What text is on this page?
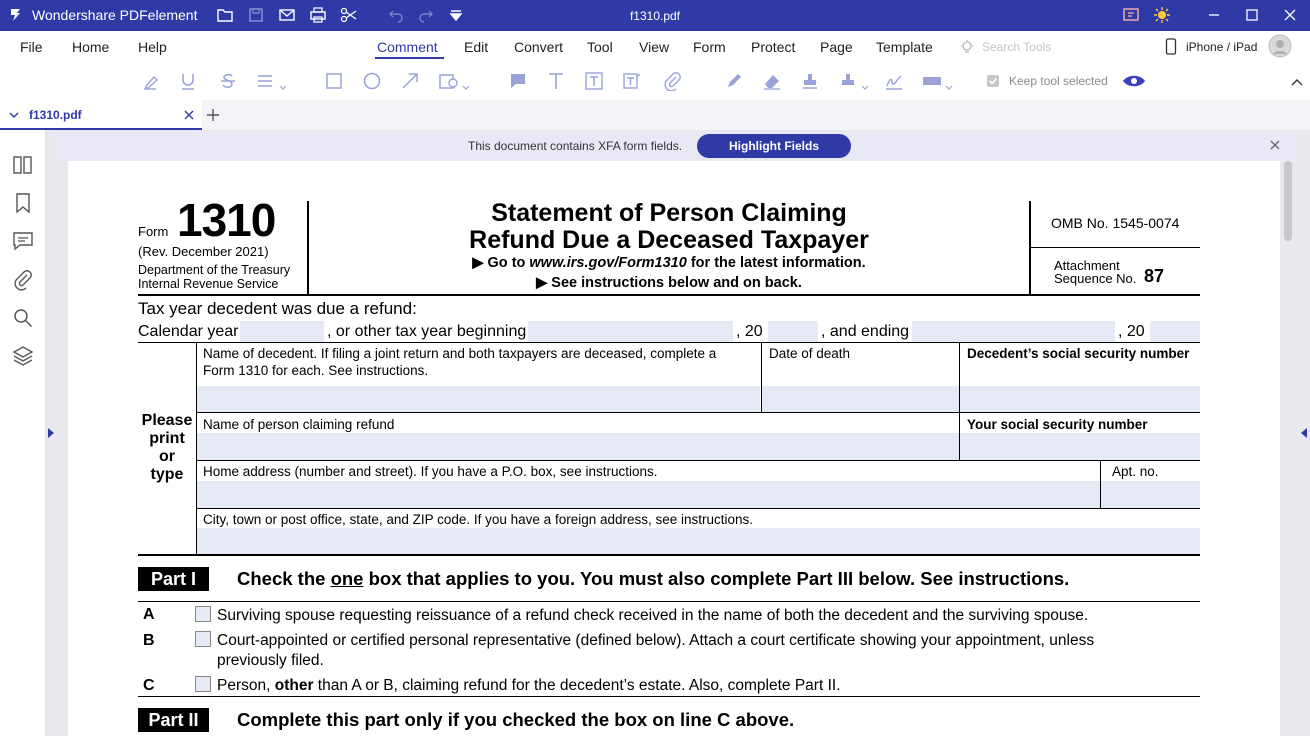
Wondershare PDFelement	f1310.pdf
File Home Help	Comment Edit Convert Tool View Form Protect Page Template	Search Tools	iPhone / iPad
Keep tool selected
f1310.pdf
This document contains XFA form fields.	Highlight Fields
Form 1310
(Rev. December 2021)
Department of the Treasury
Internal Revenue Service
Statement of Person Claiming
Refund Due a Deceased Taxpayer
▶ Go to www.irs.gov/Form1310 for the latest information.
▶ See instructions below and on back.
OMB No. 1545-0074
Attachment
Sequence No. 87
Tax year decedent was due a refund:
Calendar year	, or other tax year beginning	, 20	, and ending	, 20
Please
print
or
type
Name of decedent. If filing a joint return and both taxpayers are deceased, complete a
Form 1310 for each. See instructions.
Date of death	Decedent’s social security number
Name of person claiming refund	Your social security number
Home address (number and street). If you have a P.O. box, see instructions.	Apt. no.
City, town or post office, state, and ZIP code. If you have a foreign address, see instructions.
Part I	Check the one box that applies to you. You must also complete Part III below. See instructions.
A	Surviving spouse requesting reissuance of a refund check received in the name of both the decedent and the surviving spouse.
B	Court-appointed or certified personal representative (defined below). Attach a court certificate showing your appointment, unless
previously filed.
C	Person, other than A or B, claiming refund for the decedent’s estate. Also, complete Part II.
Part II	Complete this part only if you checked the box on line C above.
